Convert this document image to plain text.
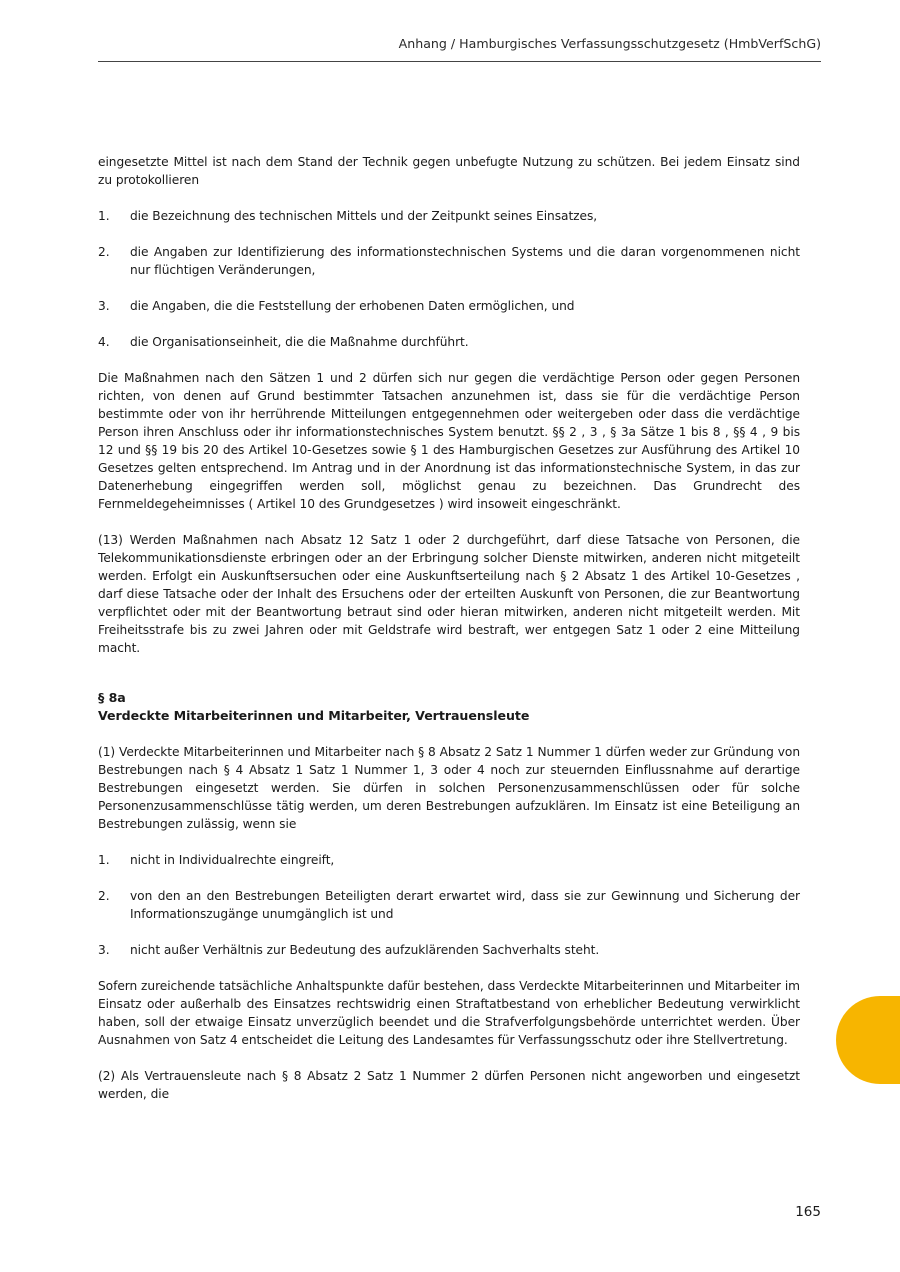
Anhang / Hamburgisches Verfassungsschutzgesetz (HmbVerfSchG)

eingesetzte Mittel ist nach dem Stand der Technik gegen unbefugte Nutzung zu schützen. Bei jedem Einsatz sind zu protokollieren

1.	die Bezeichnung des technischen Mittels und der Zeitpunkt seines Einsatzes,
2.	die Angaben zur Identifizierung des informationstechnischen Systems und die daran vorgenommenen nicht nur flüchtigen Veränderungen,
3.	die Angaben, die die Feststellung der erhobenen Daten ermöglichen, und
4.	die Organisationseinheit, die die Maßnahme durchführt.

Die Maßnahmen nach den Sätzen 1 und 2 dürfen sich nur gegen die verdächtige Person oder gegen Personen richten, von denen auf Grund bestimmter Tatsachen anzunehmen ist, dass sie für die verdächtige Person bestimmte oder von ihr herrührende Mitteilungen entgegennehmen oder weitergeben oder dass die verdächtige Person ihren Anschluss oder ihr informationstechnisches System benutzt. §§ 2 , 3 , § 3a Sätze 1 bis 8 , §§ 4 , 9 bis 12 und §§ 19 bis 20 des Artikel 10-Gesetzes sowie § 1 des Hamburgischen Gesetzes zur Ausführung des Artikel 10 Gesetzes gelten entsprechend. Im Antrag und in der Anordnung ist das informationstechnische System, in das zur Datenerhebung eingegriffen werden soll, möglichst genau zu bezeichnen. Das Grundrecht des Fernmeldegeheimnisses ( Artikel 10 des Grundgesetzes ) wird insoweit eingeschränkt.

(13) Werden Maßnahmen nach Absatz 12 Satz 1 oder 2 durchgeführt, darf diese Tatsache von Personen, die Telekommunikationsdienste erbringen oder an der Erbringung solcher Dienste mitwirken, anderen nicht mitgeteilt werden. Erfolgt ein Auskunftsersuchen oder eine Auskunftserteilung nach § 2 Absatz 1 des Artikel 10-Gesetzes , darf diese Tatsache oder der Inhalt des Ersuchens oder der erteilten Auskunft von Personen, die zur Beantwortung verpflichtet oder mit der Beantwortung betraut sind oder hieran mitwirken, anderen nicht mitgeteilt werden. Mit Freiheitsstrafe bis zu zwei Jahren oder mit Geldstrafe wird bestraft, wer entgegen Satz 1 oder 2 eine Mitteilung macht.

§ 8a

Verdeckte Mitarbeiterinnen und Mitarbeiter, Vertrauensleute

(1) Verdeckte Mitarbeiterinnen und Mitarbeiter nach § 8 Absatz 2 Satz 1 Nummer 1 dürfen weder zur Gründung von Bestrebungen nach § 4 Absatz 1 Satz 1 Nummer 1, 3 oder 4 noch zur steuernden Einflussnahme auf derartige Bestrebungen eingesetzt werden. Sie dürfen in solchen Personenzusammenschlüssen oder für solche Personenzusammenschlüsse tätig werden, um deren Bestrebungen aufzuklären. Im Einsatz ist eine Beteiligung an Bestrebungen zulässig, wenn sie

1.	nicht in Individualrechte eingreift,
2.	von den an den Bestrebungen Beteiligten derart erwartet wird, dass sie zur Gewinnung und Sicherung der Informationszugänge unumgänglich ist und
3.	nicht außer Verhältnis zur Bedeutung des aufzuklärenden Sachverhalts steht.

Sofern zureichende tatsächliche Anhaltspunkte dafür bestehen, dass Verdeckte Mitarbeiterinnen und Mitarbeiter im Einsatz oder außerhalb des Einsatzes rechtswidrig einen Straftatbestand von erheblicher Bedeutung verwirklicht haben, soll der etwaige Einsatz unverzüglich beendet und die Strafverfolgungsbehörde unterrichtet werden. Über Ausnahmen von Satz 4 entscheidet die Leitung des Landesamtes für Verfassungsschutz oder ihre Stellvertretung.

(2) Als Vertrauensleute nach § 8 Absatz 2 Satz 1 Nummer 2 dürfen Personen nicht angeworben und eingesetzt werden, die

165
